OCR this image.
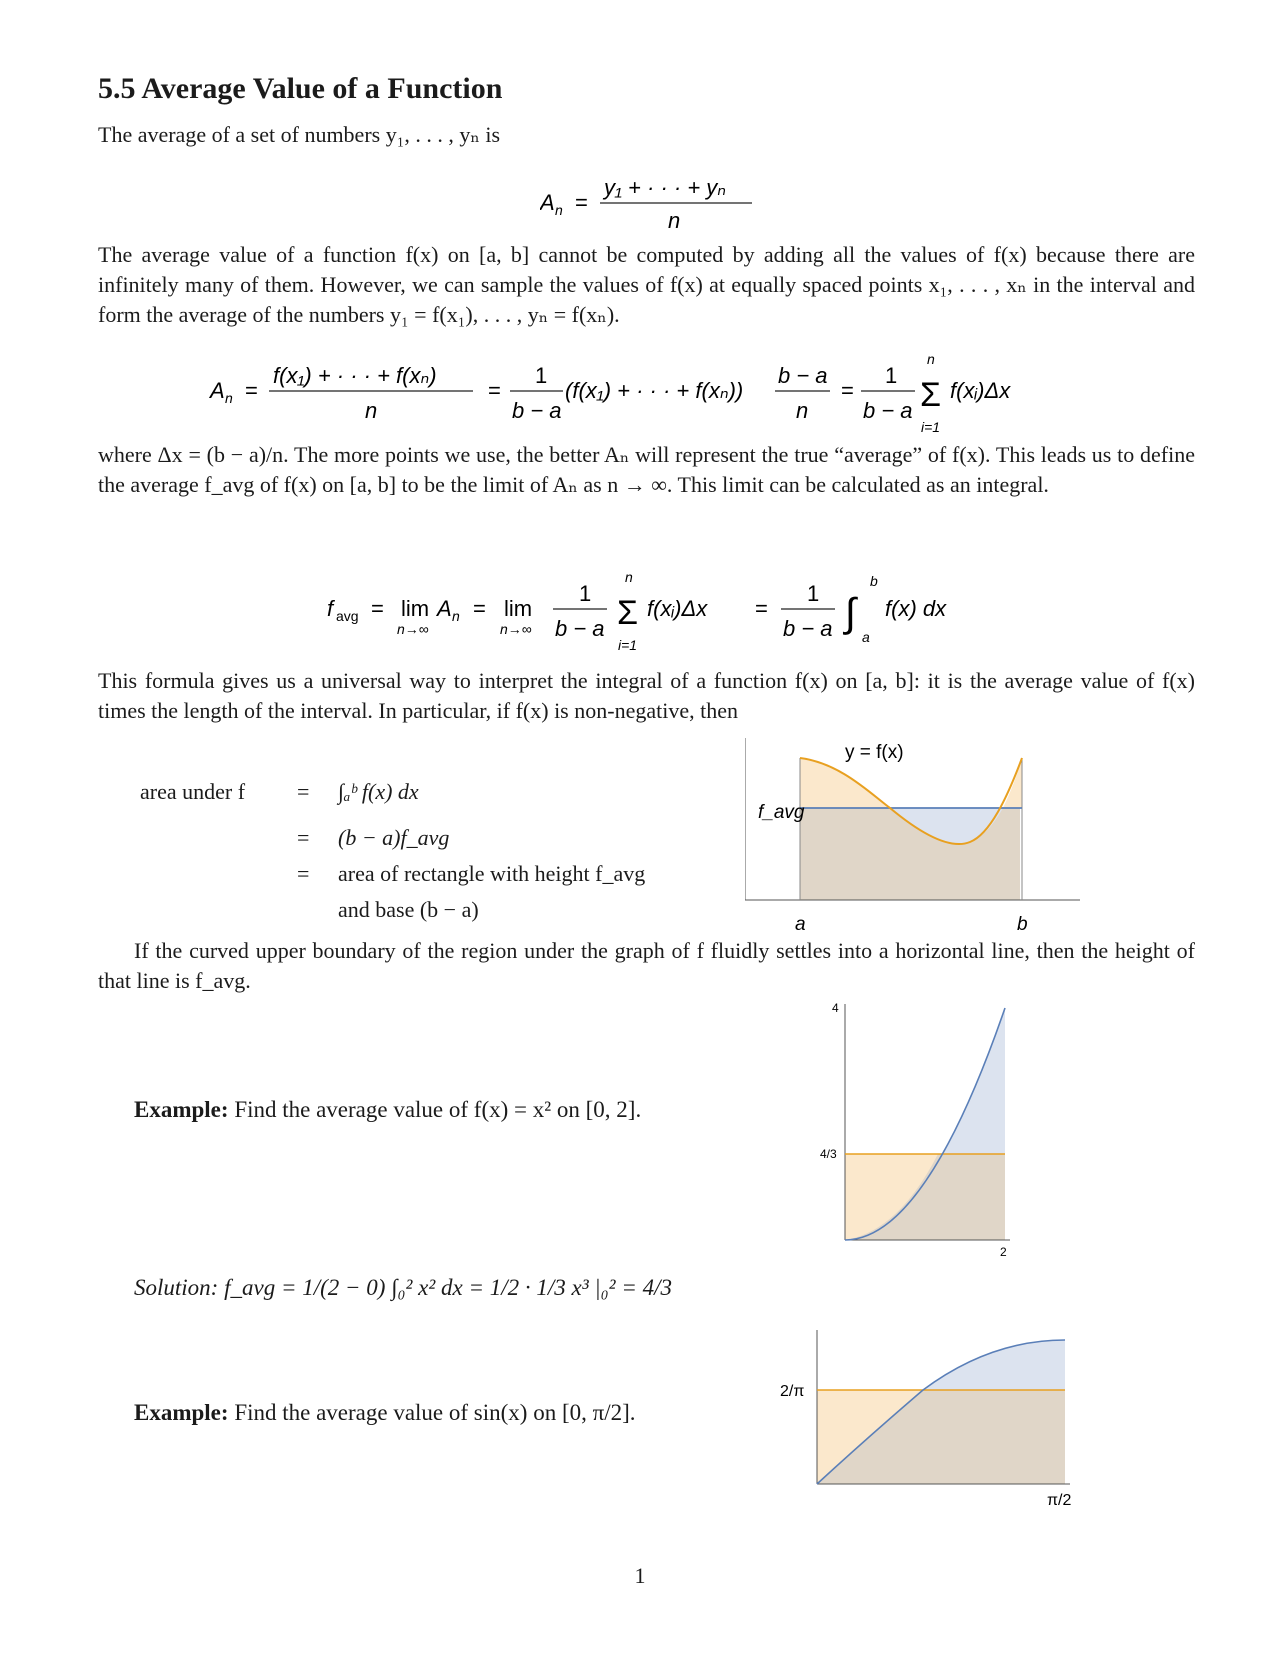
5.5 Average Value of a Function
The average of a set of numbers y₁, . . . , yₙ is
A n =
y₁ + · · · + yₙ
n
The average value of a function f(x) on [a, b] cannot be computed by adding all the values of f(x) because there are infinitely many of them. However, we can sample the values of f(x) at equally spaced points x₁, . . . , xₙ in the interval and form the average of the numbers y₁ = f(x₁), . . . , yₙ = f(xₙ).
A n =
f(x₁) + · · · + f(xₙ)
n
=
1
b − a
(f(x₁) + · · · + f(xₙ))
b − a
n
=
1
b − a Σ
n
i=1
f(xᵢ)Δx
where Δx = (b − a)/n. The more points we use, the better Aₙ will represent the true “average” of f(x). This leads us to define the average f_avg of f(x) on [a, b] to be the limit of Aₙ as n → ∞. This limit can be calculated as an integral.
f avg = lim
n→∞
A n = lim
n→∞
1
b − a Σ
n
i=1
f(xᵢ)Δx =
1
b − a ∫
b
a
f(x) dx
This formula gives us a universal way to interpret the integral of a function f(x) on [a, b]: it is the average value of f(x) times the length of the interval. In particular, if f(x) is non-negative, then
area under f =
=
=
∫ₐᵇ f(x) dx
(b − a)f_avg
area of rectangle with height f_avg
and base (b − a)
y = f(x)
f_avg
a	b
If the curved upper boundary of the region under the graph of f fluidly settles into a horizontal line, then the height of that line is f_avg.
4
4/3
2
Example: Find the average value of f(x) = x² on [0, 2].
Solution: f_avg = 1/(2 − 0) ∫₀² x² dx = 1/2 · 1/3 x³ |₀² = 4/3
2/π
π/2
Example: Find the average value of sin(x) on [0, π/2].
1
